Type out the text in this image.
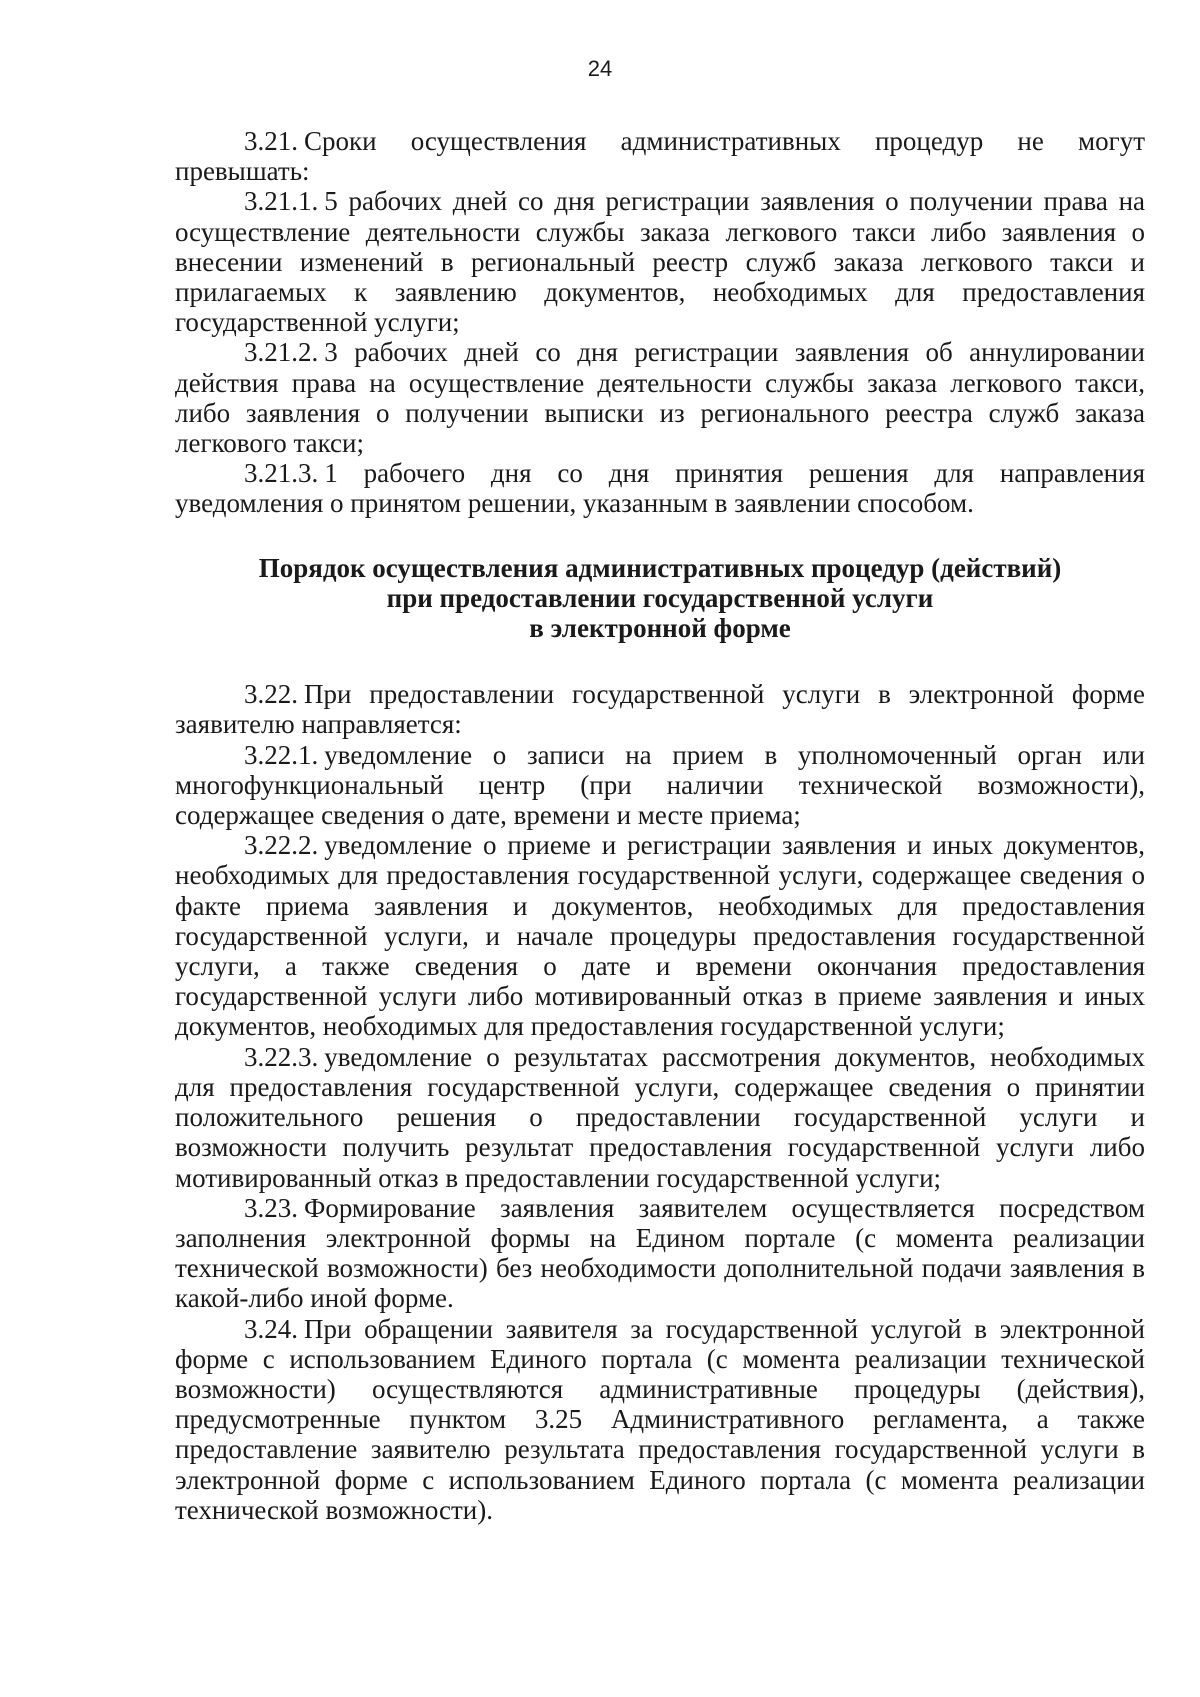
24

3.21. Сроки осуществления административных процедур не могут превышать:

3.21.1. 5 рабочих дней со дня регистрации заявления о получении права на осуществление деятельности службы заказа легкового такси либо заявления о внесении изменений в региональный реестр служб заказа легкового такси и прилагаемых к заявлению документов, необходимых для предоставления государственной услуги;

3.21.2. 3 рабочих дней со дня регистрации заявления об аннулировании действия права на осуществление деятельности службы заказа легкового такси, либо заявления о получении выписки из регионального реестра служб заказа легкового такси;

3.21.3. 1 рабочего дня со дня принятия решения для направления уведомления о принятом решении, указанным в заявлении способом.

Порядок осуществления административных процедур (действий)
при предоставлении государственной услуги
в электронной форме

3.22. При предоставлении государственной услуги в электронной форме заявителю направляется:

3.22.1. уведомление о записи на прием в уполномоченный орган или многофункциональный центр (при наличии технической возможности), содержащее сведения о дате, времени и месте приема;

3.22.2. уведомление о приеме и регистрации заявления и иных документов, необходимых для предоставления государственной услуги, содержащее сведения о факте приема заявления и документов, необходимых для предоставления государственной услуги, и начале процедуры предоставления государственной услуги, а также сведения о дате и времени окончания предоставления государственной услуги либо мотивированный отказ в приеме заявления и иных документов, необходимых для предоставления государственной услуги;

3.22.3. уведомление о результатах рассмотрения документов, необходимых для предоставления государственной услуги, содержащее сведения о принятии положительного решения о предоставлении государственной услуги и возможности получить результат предоставления государственной услуги либо мотивированный отказ в предоставлении государственной услуги;

3.23. Формирование заявления заявителем осуществляется посредством заполнения электронной формы на Едином портале (с момента реализации технической возможности) без необходимости дополнительной подачи заявления в какой-либо иной форме.

3.24. При обращении заявителя за государственной услугой в электронной форме с использованием Единого портала (с момента реализации технической возможности) осуществляются административные процедуры (действия), предусмотренные пунктом 3.25 Административного регламента, а также предоставление заявителю результата предоставления государственной услуги в электронной форме с использованием Единого портала (с момента реализации технической возможности).
